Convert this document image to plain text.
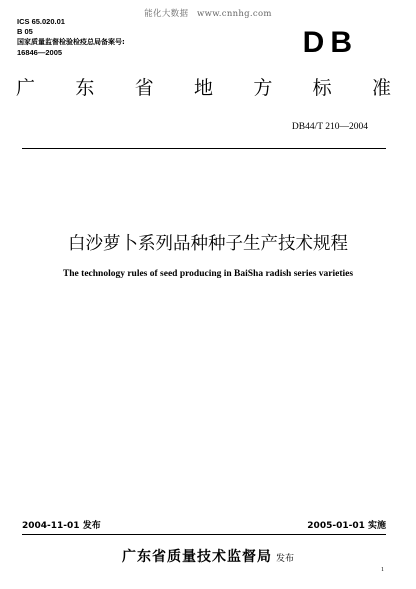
能化大数据　www.cnnhg.com
ICS 65.020.01
B 05
国家质量监督检验检疫总局备案号:
16846—2005	DB
广 东 省 地 方 标 准
DB44/T 210—2004
白沙萝卜系列品种种子生产技术规程
The technology rules of seed producing in BaiSha radish series varieties
2004-11-01 发布	2005-01-01 实施
广东省质量技术监督局 发布
1
